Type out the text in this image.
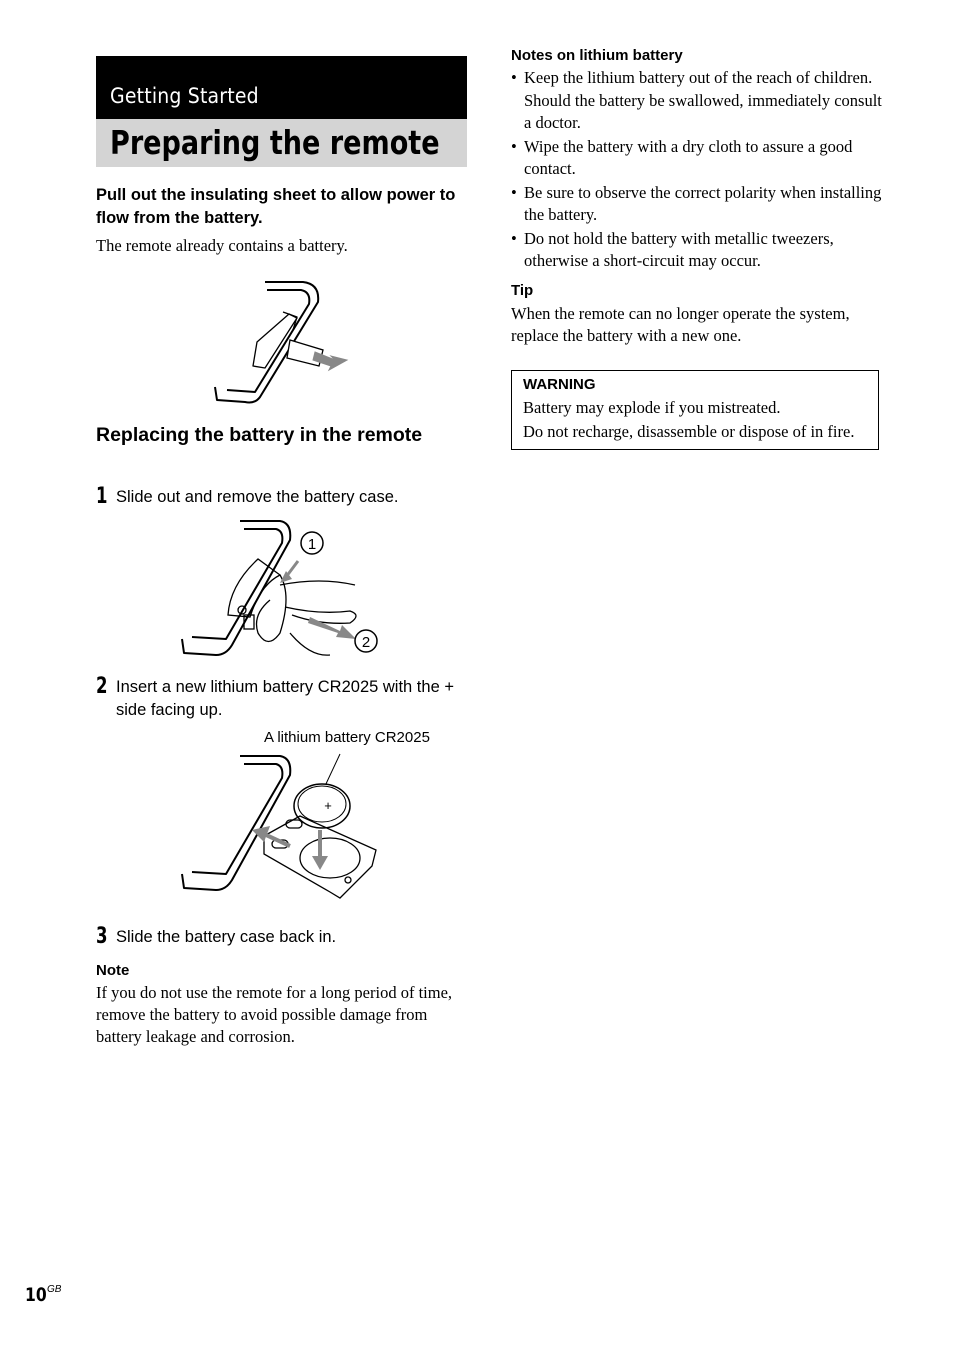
Getting Started
Preparing the remote
Pull out the insulating sheet to allow power to flow from the battery.
The remote already contains a battery.
Replacing the battery in the remote
1 Slide out and remove the battery case.
1
2
2 Insert a new lithium battery CR2025 with the + side facing up.
A lithium battery CR2025
+
3 Slide the battery case back in.
Note
If you do not use the remote for a long period of time, remove the battery to avoid possible damage from battery leakage and corrosion.
Notes on lithium battery
• Keep the lithium battery out of the reach of children. Should the battery be swallowed, immediately consult a doctor.
• Wipe the battery with a dry cloth to assure a good contact.
• Be sure to observe the correct polarity when installing the battery.
• Do not hold the battery with metallic tweezers, otherwise a short-circuit may occur.
Tip
When the remote can no longer operate the system, replace the battery with a new one.
WARNING
Battery may explode if you mistreated.
Do not recharge, disassemble or dispose of in fire.
10 GB
